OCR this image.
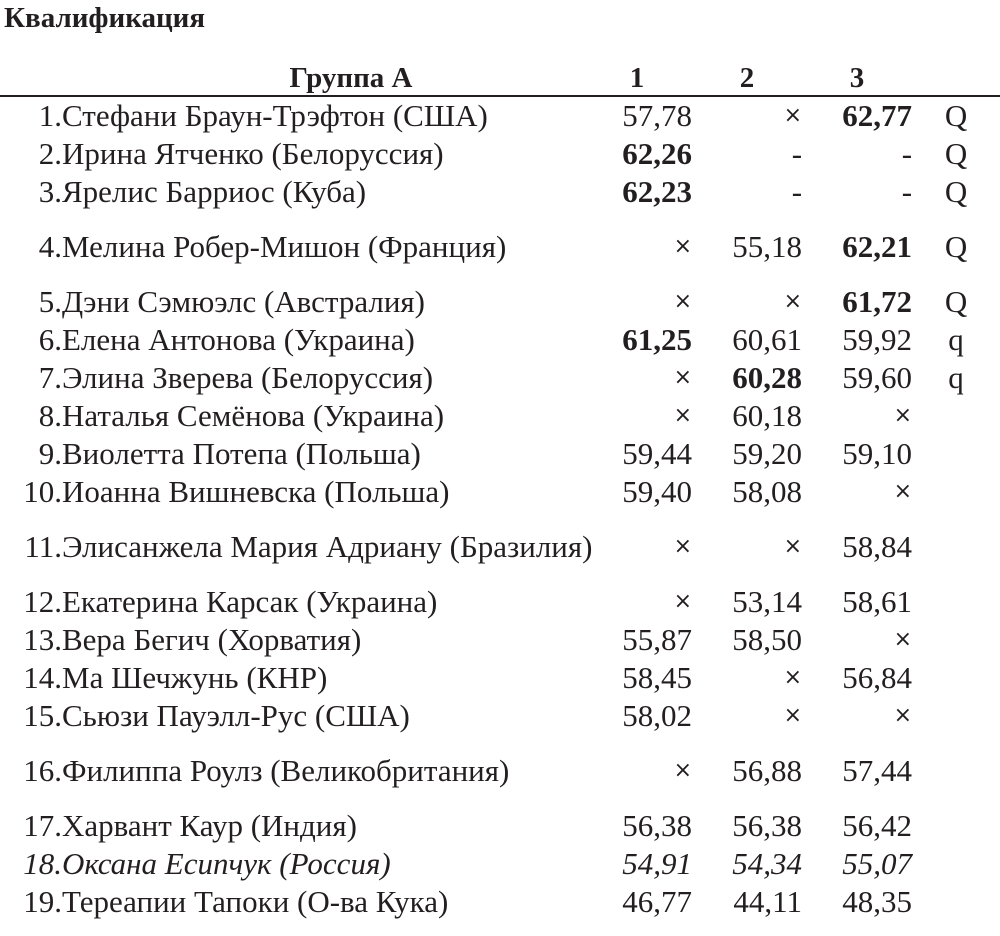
Квалификация
Группа А		1	2	3	
1.	Стефани Браун-Трэфтон (США)	57,78	×	62,77	Q
2.	Ирина Ятченко (Белоруссия)	62,26	-	-	Q
3.	Ярелис Барриос (Куба)	62,23	-	-	Q
4.	Мелина Робер-Мишон (Франция)	×	55,18	62,21	Q
5.	Дэни Сэмюэлс (Австралия)	×	×	61,72	Q
6.	Елена Антонова (Украина)	61,25	60,61	59,92	q
7.	Элина Зверева (Белоруссия)	×	60,28	59,60	q
8.	Наталья Семёнова (Украина)	×	60,18	×	
9.	Виолетта Потепа (Польша)	59,44	59,20	59,10	
10.	Иоанна Вишневска (Польша)	59,40	58,08	×	
11.	Элисанжела Мария Адриану (Бразилия)	×	×	58,84	
12.	Екатерина Карсак (Украина)	×	53,14	58,61	
13.	Вера Бегич (Хорватия)	55,87	58,50	×	
14.	Ма Шечжунь (КНР)	58,45	×	56,84	
15.	Сьюзи Пауэлл-Рус (США)	58,02	×	×	
16.	Филиппа Роулз (Великобритания)	×	56,88	57,44	
17.	Харвант Каур (Индия)	56,38	56,38	56,42	
18.	Оксана Есипчук (Россия)	54,91	54,34	55,07	
19.	Тереапии Тапоки (О-ва Кука)	46,77	44,11	48,35	
